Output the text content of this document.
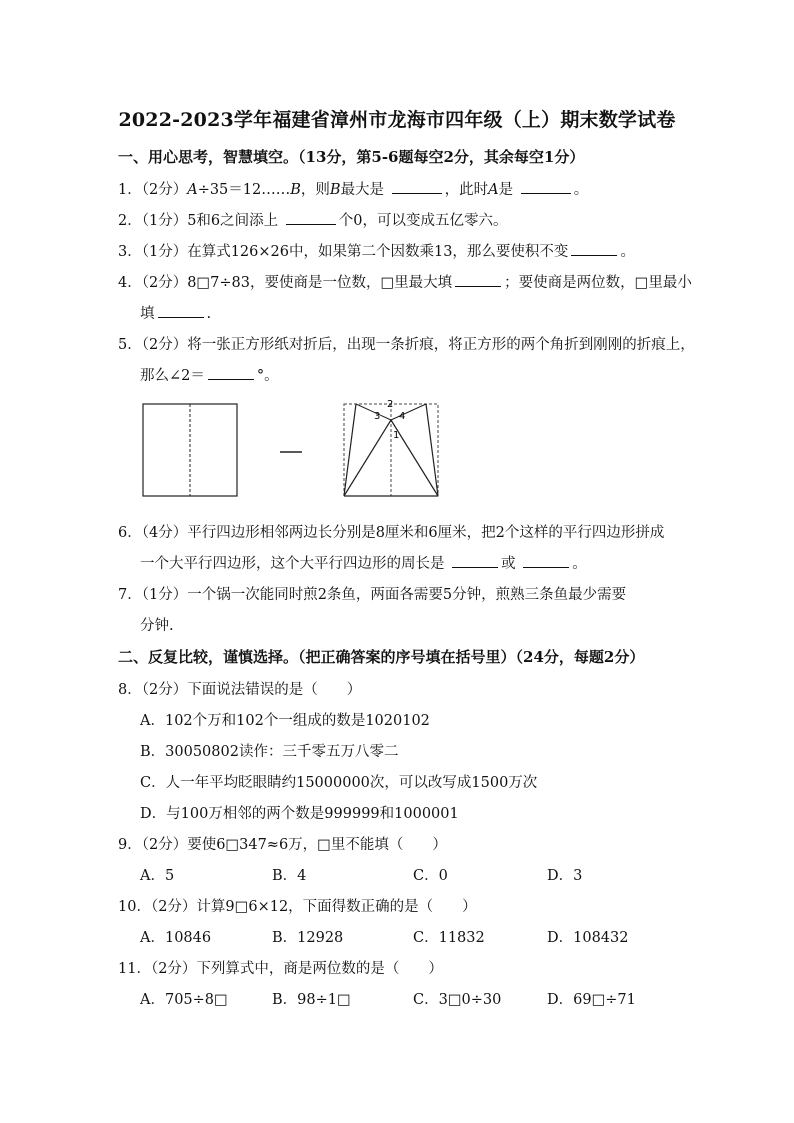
2022-2023学年福建省漳州市龙海市四年级（上）期末数学试卷
一、用心思考，智慧填空。（13分，第5-6题每空2分，其余每空1分）
1．（2分）A÷35＝12……B，则B最大是	，此时A是	。
2．（1分）5和6之间添上	个0，可以变成五亿零六。
3．（1分）在算式126×26中，如果第二个因数乘13，那么要使积不变	。
4．（2分）8□7÷83，要使商是一位数，□里最大填	；要使商是两位数，□里最小
填	.
5．（2分）将一张正方形纸对折后，出现一条折痕，将正方形的两个角折到刚刚的折痕上，
那么∠2＝	°。
2
3 4
1
6．（4分）平行四边形相邻两边长分别是8厘米和6厘米，把2个这样的平行四边形拼成
一个大平行四边形，这个大平行四边形的周长是	或	。
7．（1分）一个锅一次能同时煎2条鱼，两面各需要5分钟，煎熟三条鱼最少需要
分钟.
二、反复比较，谨慎选择。（把正确答案的序号填在括号里）（24分，每题2分）
8．（2分）下面说法错误的是（　　）
A．102个万和102个一组成的数是1020102
B．30050802读作：三千零五万八零二
C．人一年平均眨眼睛约15000000次，可以改写成1500万次
D．与100万相邻的两个数是999999和1000001
9．（2分）要使6□347≈6万，□里不能填（　　）
A．5	B．4	C．0	D．3
10．（2分）计算9□6×12，下面得数正确的是（　　）
A．10846	B．12928	C．11832	D．108432
11．（2分）下列算式中，商是两位数的是（　　）
A．705÷8□	B．98÷1□	C．3□0÷30	D．69□÷71
